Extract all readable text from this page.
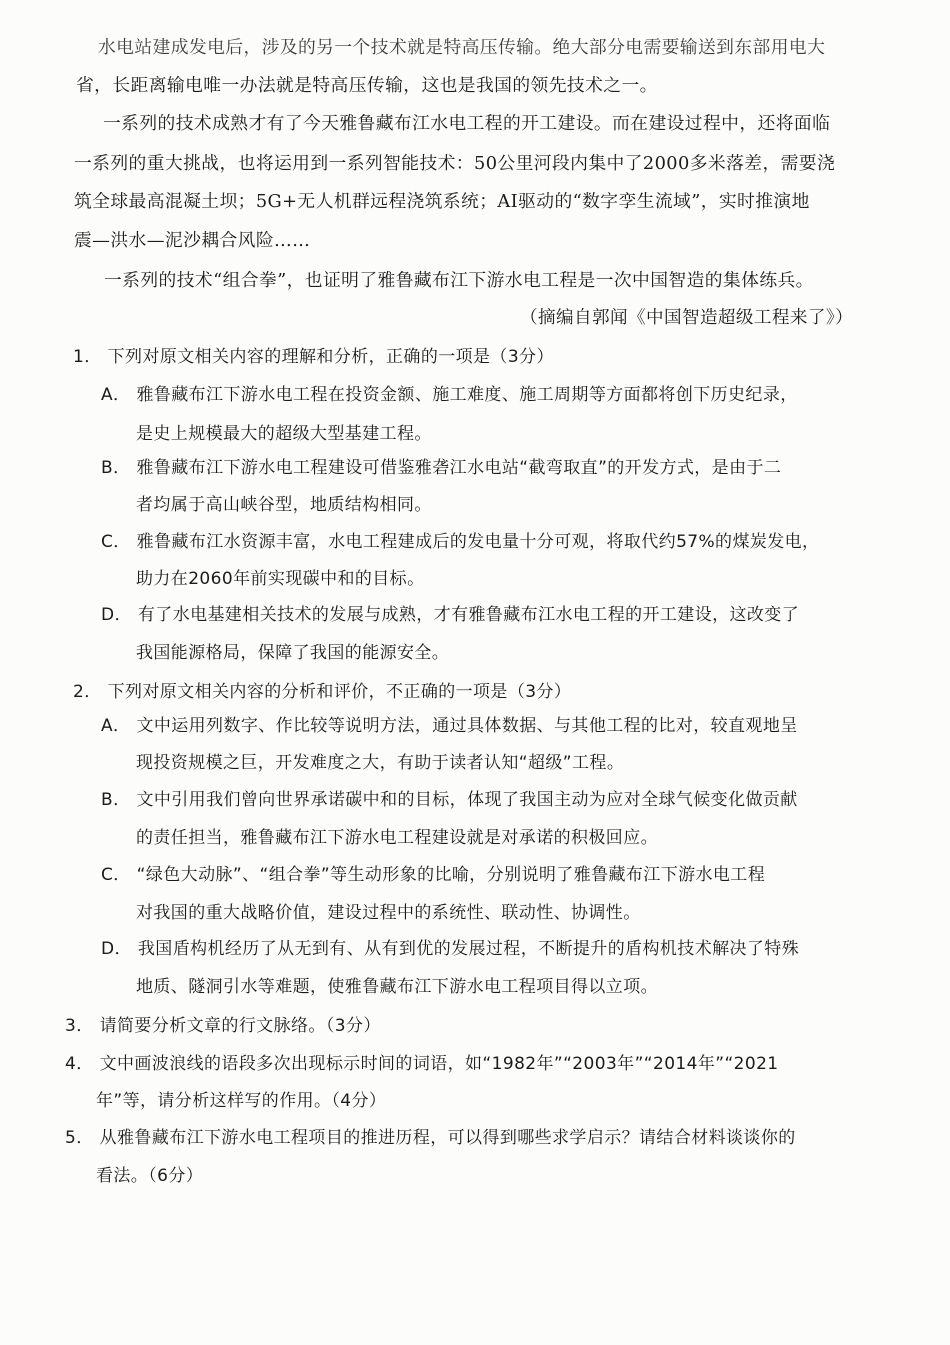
水电站建成发电后，涉及的另一个技术就是特高压传输。绝大部分电需要输送到东部用电大
省，长距离输电唯一办法就是特高压传输，这也是我国的领先技术之一。
一系列的技术成熟才有了今天雅鲁藏布江水电工程的开工建设。而在建设过程中，还将面临
一系列的重大挑战，也将运用到一系列智能技术：50公里河段内集中了2000多米落差，需要浇
筑全球最高混凝土坝；5G+无人机群远程浇筑系统；AI驱动的“数字孪生流域”，实时推演地
震—洪水—泥沙耦合风险……
一系列的技术“组合拳”，也证明了雅鲁藏布江下游水电工程是一次中国智造的集体练兵。
（摘编自郭闻《中国智造超级工程来了》）
1． 下列对原文相关内容的理解和分析，正确的一项是（3分）
A． 雅鲁藏布江下游水电工程在投资金额、施工难度、施工周期等方面都将创下历史纪录，
是史上规模最大的超级大型基建工程。
B． 雅鲁藏布江下游水电工程建设可借鉴雅砻江水电站“截弯取直”的开发方式，是由于二
者均属于高山峡谷型，地质结构相同。
C． 雅鲁藏布江水资源丰富，水电工程建成后的发电量十分可观，将取代约57%的煤炭发电，
助力在2060年前实现碳中和的目标。
D． 有了水电基建相关技术的发展与成熟，才有雅鲁藏布江水电工程的开工建设，这改变了
我国能源格局，保障了我国的能源安全。
2． 下列对原文相关内容的分析和评价，不正确的一项是（3分）
A． 文中运用列数字、作比较等说明方法，通过具体数据、与其他工程的比对，较直观地呈
现投资规模之巨，开发难度之大，有助于读者认知“超级”工程。
B． 文中引用我们曾向世界承诺碳中和的目标，体现了我国主动为应对全球气候变化做贡献
的责任担当，雅鲁藏布江下游水电工程建设就是对承诺的积极回应。
C． “绿色大动脉”、“组合拳”等生动形象的比喻，分别说明了雅鲁藏布江下游水电工程
对我国的重大战略价值，建设过程中的系统性、联动性、协调性。
D． 我国盾构机经历了从无到有、从有到优的发展过程，不断提升的盾构机技术解决了特殊
地质、隧洞引水等难题，使雅鲁藏布江下游水电工程项目得以立项。
3． 请简要分析文章的行文脉络。（3分）
4． 文中画波浪线的语段多次出现标示时间的词语，如“1982年”“2003年”“2014年”“2021
年”等，请分析这样写的作用。（4分）
5． 从雅鲁藏布江下游水电工程项目的推进历程，可以得到哪些求学启示？请结合材料谈谈你的
看法。（6分）
